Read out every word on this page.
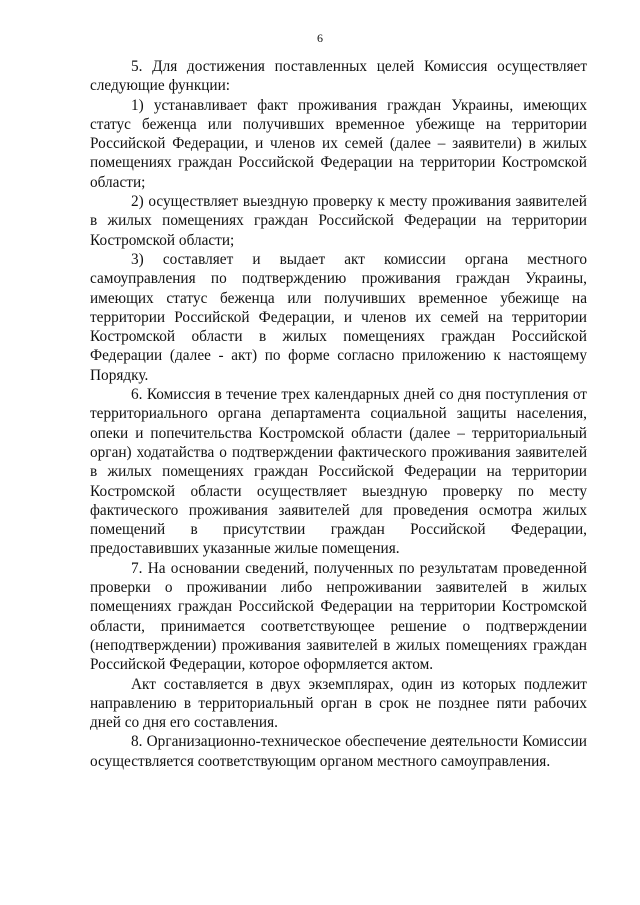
6

5. Для достижения поставленных целей Комиссия осуществляет следующие функции:

1) устанавливает факт проживания граждан Украины, имеющих статус беженца или получивших временное убежище на территории Российской Федерации, и членов их семей (далее – заявители) в жилых помещениях граждан Российской Федерации на территории Костромской области;

2) осуществляет выездную проверку к месту проживания заявителей в жилых помещениях граждан Российской Федерации на территории Костромской области;

3) составляет и выдает акт комиссии органа местного самоуправления по подтверждению проживания граждан Украины, имеющих статус беженца или получивших временное убежище на территории Российской Федерации, и членов их семей на территории Костромской области в жилых помещениях граждан Российской Федерации (далее - акт) по форме согласно приложению к настоящему Порядку.

6. Комиссия в течение трех календарных дней со дня поступления от территориального органа департамента социальной защиты населения, опеки и попечительства Костромской области (далее – территориальный орган) ходатайства о подтверждении фактического проживания заявителей в жилых помещениях граждан Российской Федерации на территории Костромской области осуществляет выездную проверку по месту фактического проживания заявителей для проведения осмотра жилых помещений в присутствии граждан Российской Федерации, предоставивших указанные жилые помещения.

7. На основании сведений, полученных по результатам проведенной проверки о проживании либо непроживании заявителей в жилых помещениях граждан Российской Федерации на территории Костромской области, принимается соответствующее решение о подтверждении (неподтверждении) проживания заявителей в жилых помещениях граждан Российской Федерации, которое оформляется актом.

Акт составляется в двух экземплярах, один из которых подлежит направлению в территориальный орган в срок не позднее пяти рабочих дней со дня его составления.

8. Организационно-техническое обеспечение деятельности Комиссии осуществляется соответствующим органом местного самоуправления.
